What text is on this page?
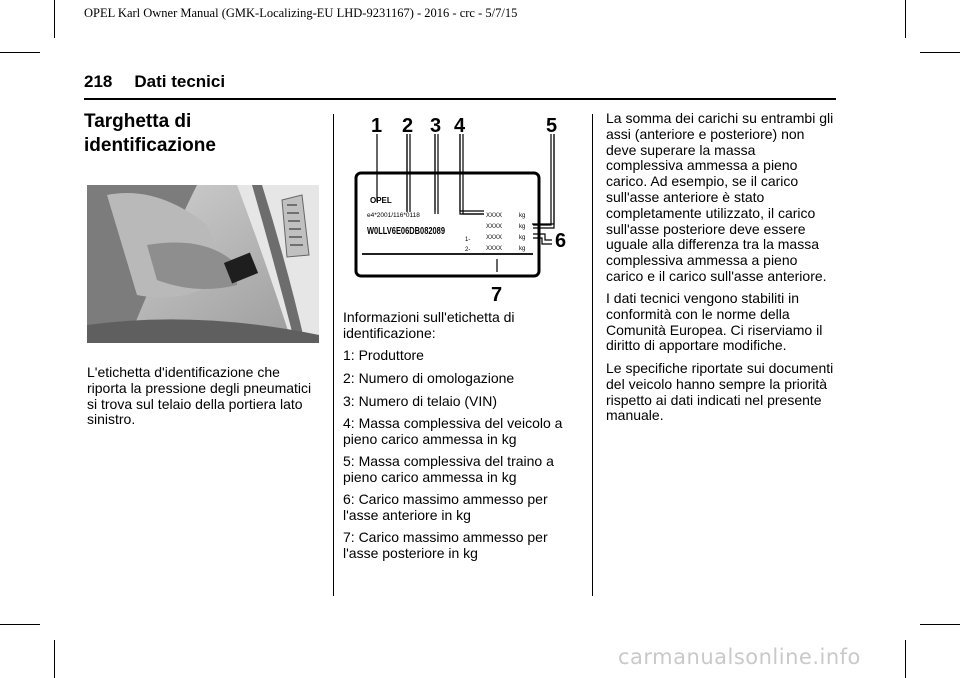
OPEL Karl Owner Manual (GMK-Localizing-EU LHD-9231167) - 2016 - crc - 5/7/15
218 Dati tecnici
Targhetta di identificazione

L'etichetta d'identificazione che riporta la pressione degli pneumatici si trova sul telaio della portiera lato sinistro.

OPEL
e4*2001/116*0118
W0LLV6E06DB082089
1-
2-
XXXX
XXXX
XXXX
XXXX
kg
kg
kg
kg
1 2 3 4	5
6
7

Informazioni sull'etichetta di identificazione:

1: Produttore

2: Numero di omologazione

3: Numero di telaio (VIN)

4: Massa complessiva del veicolo a pieno carico ammessa in kg

5: Massa complessiva del traino a pieno carico ammessa in kg

6: Carico massimo ammesso per l'asse anteriore in kg

7: Carico massimo ammesso per l'asse posteriore in kg

La somma dei carichi su entrambi gli assi (anteriore e posteriore) non deve superare la massa complessiva ammessa a pieno carico. Ad esempio, se il carico sull'asse anteriore è stato completamente utilizzato, il carico sull'asse posteriore deve essere uguale alla differenza tra la massa complessiva ammessa a pieno carico e il carico sull'asse anteriore.

I dati tecnici vengono stabiliti in conformità con le norme della Comunità Europea. Ci riserviamo il diritto di apportare modifiche.

Le specifiche riportate sui documenti del veicolo hanno sempre la priorità rispetto ai dati indicati nel presente manuale.

carmanualsonline.info
